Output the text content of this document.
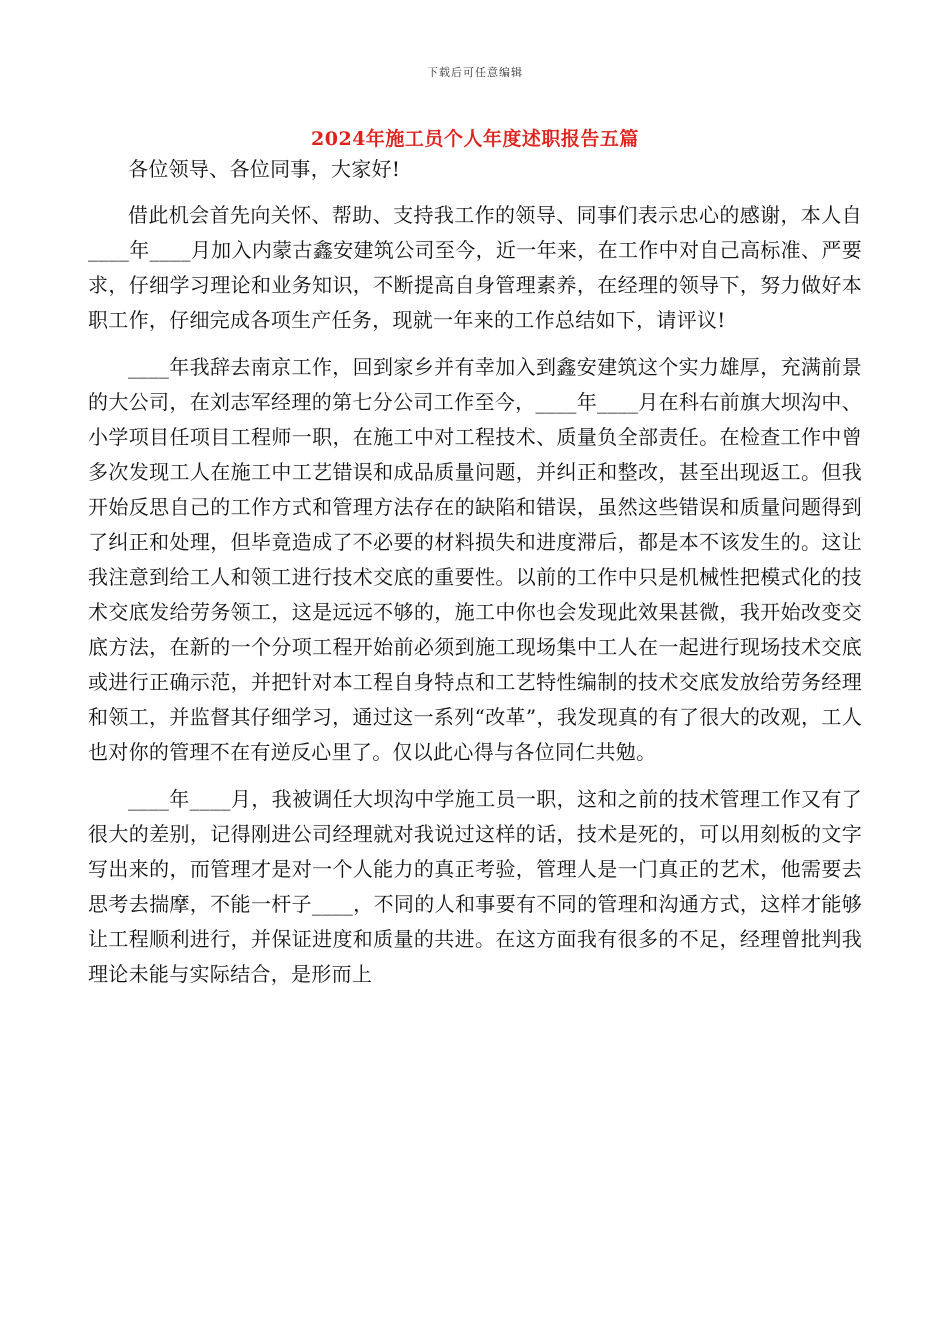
下载后可任意编辑
2024年施工员个人年度述职报告五篇

各位领导、各位同事，大家好!

借此机会首先向关怀、帮助、支持我工作的领导、同事们表示忠心的感谢，本人自____年____月加入内蒙古鑫安建筑公司至今，近一年来，在工作中对自己高标准、严要求，仔细学习理论和业务知识，不断提高自身管理素养，在经理的领导下，努力做好本职工作，仔细完成各项生产任务，现就一年来的工作总结如下，请评议!

____年我辞去南京工作，回到家乡并有幸加入到鑫安建筑这个实力雄厚，充满前景的大公司，在刘志军经理的第七分公司工作至今，____年____月在科右前旗大坝沟中、小学项目任项目工程师一职，在施工中对工程技术、质量负全部责任。在检查工作中曾多次发现工人在施工中工艺错误和成品质量问题，并纠正和整改，甚至出现返工。但我开始反思自己的工作方式和管理方法存在的缺陷和错误，虽然这些错误和质量问题得到了纠正和处理，但毕竟造成了不必要的材料损失和进度滞后，都是本不该发生的。这让我注意到给工人和领工进行技术交底的重要性。以前的工作中只是机械性把模式化的技术交底发给劳务领工，这是远远不够的，施工中你也会发现此效果甚微，我开始改变交底方法，在新的一个分项工程开始前必须到施工现场集中工人在一起进行现场技术交底或进行正确示范，并把针对本工程自身特点和工艺特性编制的技术交底发放给劳务经理和领工，并监督其仔细学习，通过这一系列“改革”，我发现真的有了很大的改观，工人也对你的管理不在有逆反心里了。仅以此心得与各位同仁共勉。

____年____月，我被调任大坝沟中学施工员一职，这和之前的技术管理工作又有了很大的差别，记得刚进公司经理就对我说过这样的话，技术是死的，可以用刻板的文字写出来的，而管理才是对一个人能力的真正考验，管理人是一门真正的艺术，他需要去思考去揣摩，不能一杆子____，不同的人和事要有不同的管理和沟通方式，这样才能够让工程顺利进行，并保证进度和质量的共进。在这方面我有很多的不足，经理曾批判我理论未能与实际结合，是形而上
